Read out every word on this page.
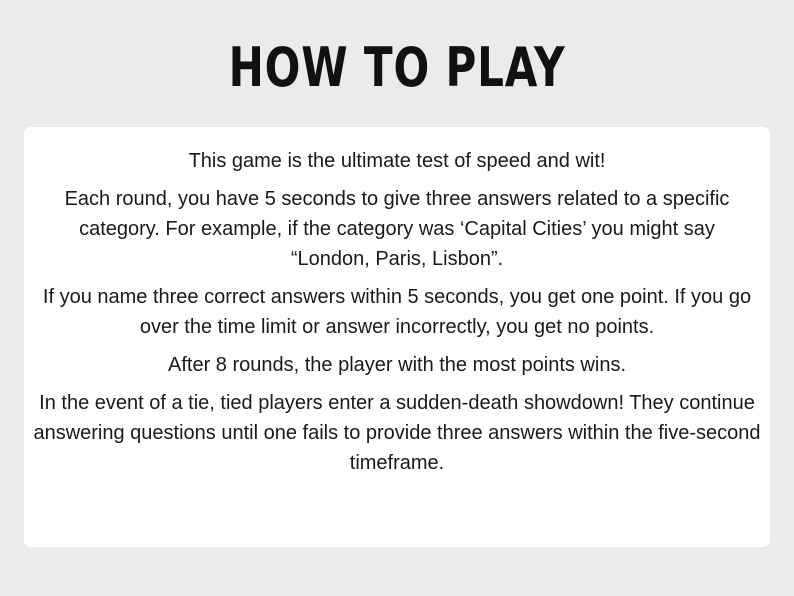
HOW TO PLAY

This game is the ultimate test of speed and wit!

Each round, you have 5 seconds to give three answers related to a specific category. For example, if the category was ‘Capital Cities’ you might say “London, Paris, Lisbon”.

If you name three correct answers within 5 seconds, you get one point. If you go over the time limit or answer incorrectly, you get no points.

After 8 rounds, the player with the most points wins.

In the event of a tie, tied players enter a sudden-death showdown! They continue answering questions until one fails to provide three answers within the five-second timeframe.
